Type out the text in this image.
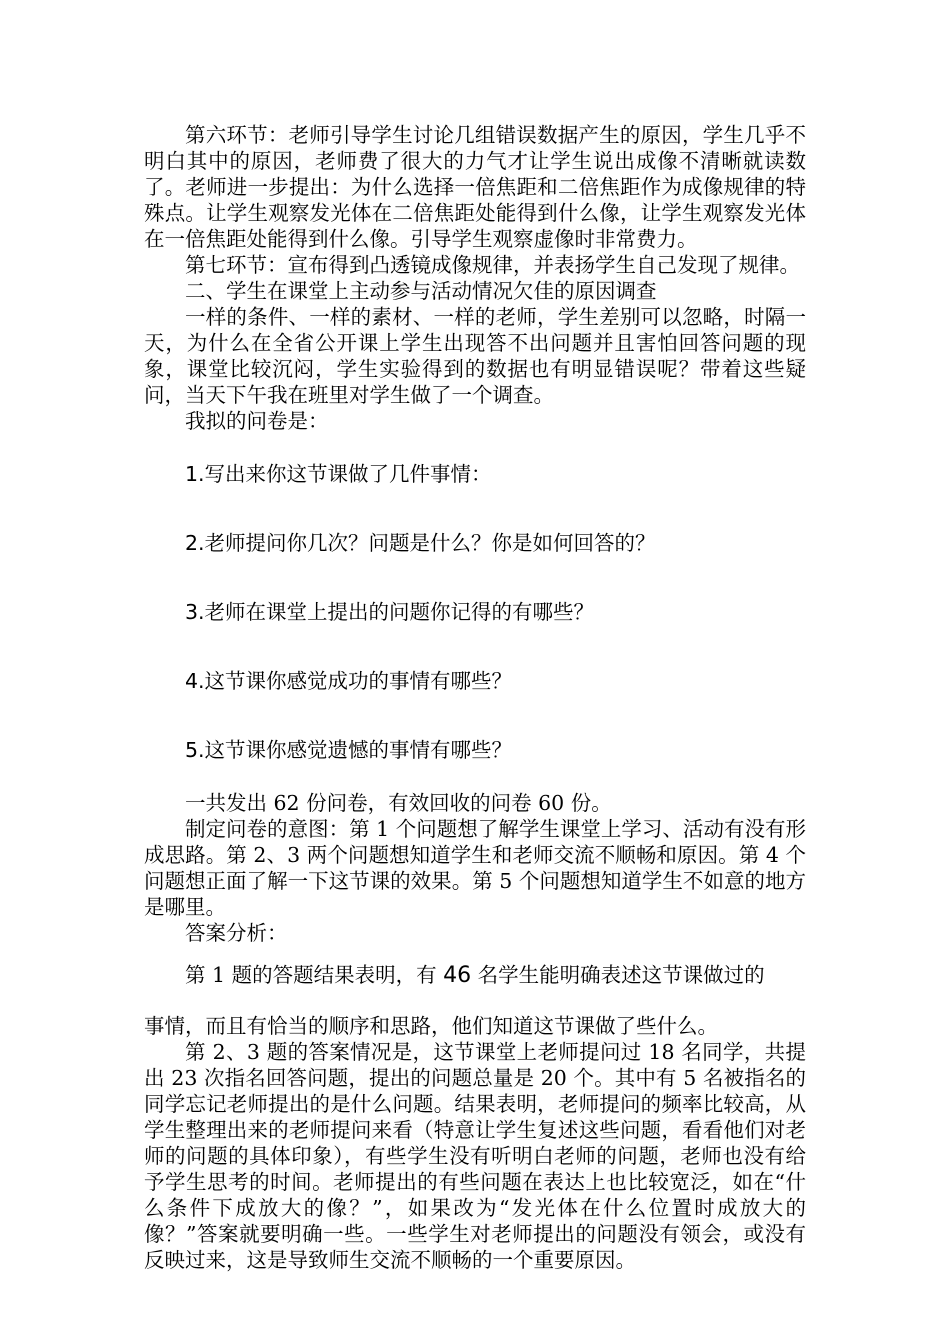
第六环节：老师引导学生讨论几组错误数据产生的原因，学生几乎不明白其中的原因，老师费了很大的力气才让学生说出成像不清晰就读数了。老师进一步提出：为什么选择一倍焦距和二倍焦距作为成像规律的特殊点。让学生观察发光体在二倍焦距处能得到什么像，让学生观察发光体在一倍焦距处能得到什么像。引导学生观察虚像时非常费力。

第七环节：宣布得到凸透镜成像规律，并表扬学生自己发现了规律。

二、学生在课堂上主动参与活动情况欠佳的原因调查

一样的条件、一样的素材、一样的老师，学生差别可以忽略，时隔一天，为什么在全省公开课上学生出现答不出问题并且害怕回答问题的现象，课堂比较沉闷，学生实验得到的数据也有明显错误呢？带着这些疑问，当天下午我在班里对学生做了一个调查。

我拟的问卷是：

1.写出来你这节课做了几件事情：

2.老师提问你几次？问题是什么？你是如何回答的？

3.老师在课堂上提出的问题你记得的有哪些？

4.这节课你感觉成功的事情有哪些？

5.这节课你感觉遗憾的事情有哪些？

一共发出 62 份问卷，有效回收的问卷 60 份。

制定问卷的意图：第 1 个问题想了解学生课堂上学习、活动有没有形成思路。第 2、3 两个问题想知道学生和老师交流不顺畅和原因。第 4 个问题想正面了解一下这节课的效果。第 5 个问题想知道学生不如意的地方是哪里。

答案分析：

第 1 题的答题结果表明，有 46 名学生能明确表述这节课做过的

事情，而且有恰当的顺序和思路，他们知道这节课做了些什么。

第 2、3 题的答案情况是，这节课堂上老师提问过 18 名同学，共提出 23 次指名回答问题，提出的问题总量是 20 个。其中有 5 名被指名的同学忘记老师提出的是什么问题。结果表明，老师提问的频率比较高，从学生整理出来的老师提问来看（特意让学生复述这些问题，看看他们对老师的问题的具体印象），有些学生没有听明白老师的问题，老师也没有给予学生思考的时间。老师提出的有些问题在表达上也比较宽泛，如在“什么条件下成放大的像？”，如果改为“发光体在什么位置时成放大的像？”答案就要明确一些。一些学生对老师提出的问题没有领会，或没有反映过来，这是导致师生交流不顺畅的一个重要原因。
